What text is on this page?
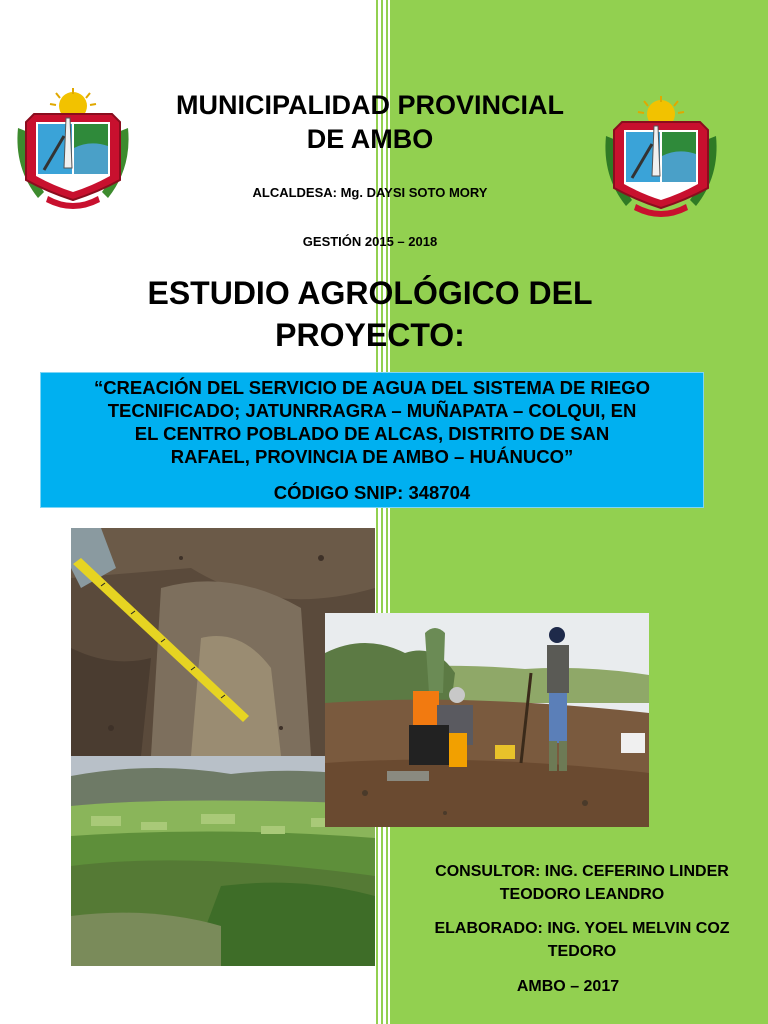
MUNICIPALIDAD PROVINCIAL
DE AMBO
ALCALDESA: Mg. DAYSI SOTO MORY
GESTIÓN 2015 – 2018
ESTUDIO AGROLÓGICO DEL
PROYECTO:
“CREACIÓN DEL SERVICIO DE AGUA DEL SISTEMA DE RIEGO
TECNIFICADO; JATUNRRAGRA – MUÑAPATA – COLQUI, EN
EL CENTRO POBLADO DE ALCAS, DISTRITO DE SAN
RAFAEL, PROVINCIA DE AMBO – HUÁNUCO”
CÓDIGO SNIP: 348704
CONSULTOR: ING. CEFERINO LINDER
TEODORO LEANDRO
ELABORADO: ING. YOEL MELVIN COZ
TEDORO
AMBO – 2017
